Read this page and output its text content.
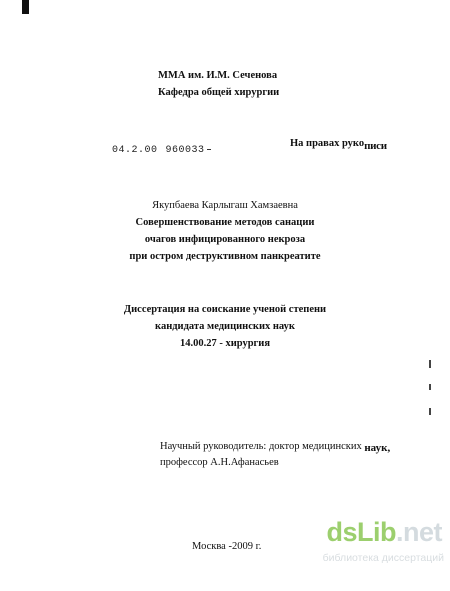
ММА им. И.М. Сеченова
Кафедра общей хирургии
На правах рукописи
04.2.00 960033
Якупбаева Карлыгаш Хамзаевна
Совершенствование методов санации
очагов инфицированного некроза
при остром деструктивном панкреатите
Диссертация на соискание ученой степени
кандидата медицинских наук
14.00.27 - хирургия
Научный руководитель: доктор медицинских наук,
профессор А.Н.Афанасьев
Москва -2009 г. dsLib.net
библиотека диссертаций
